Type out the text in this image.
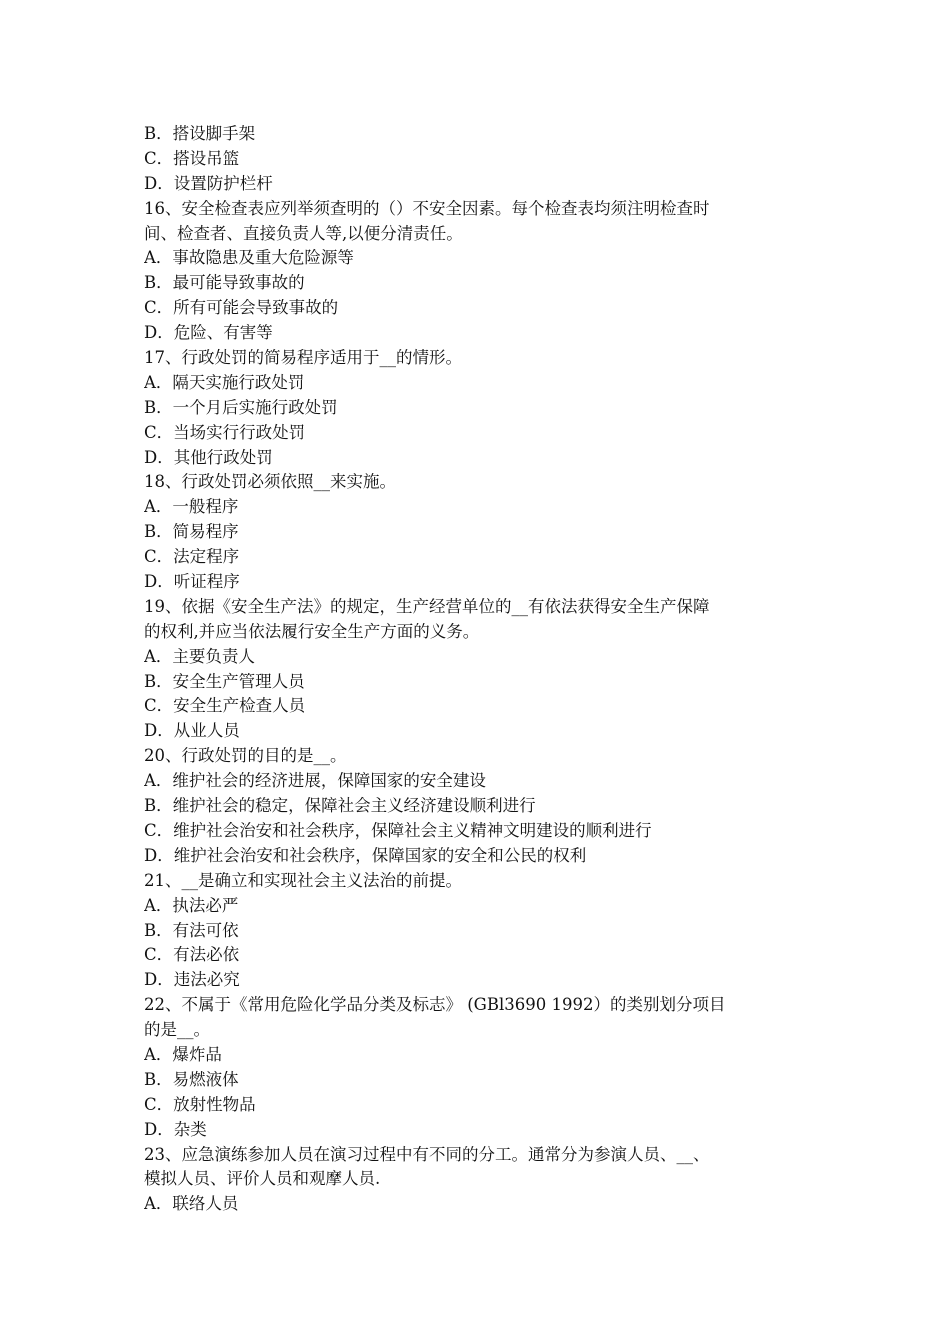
B．搭设脚手架
C．搭设吊篮
D．设置防护栏杆
16、安全检查表应列举须查明的（）不安全因素。每个检查表均须注明检查时
间、检查者、直接负责人等,以便分清责任。
A．事故隐患及重大危险源等
B．最可能导致事故的
C．所有可能会导致事故的
D．危险、有害等
17、行政处罚的简易程序适用于__的情形。
A．隔天实施行政处罚
B．一个月后实施行政处罚
C．当场实行行政处罚
D．其他行政处罚
18、行政处罚必须依照__来实施。
A．一般程序
B．简易程序
C．法定程序
D．听证程序
19、依据《安全生产法》的规定，生产经营单位的__有依法获得安全生产保障
的权利,并应当依法履行安全生产方面的义务。
A．主要负责人
B．安全生产管理人员
C．安全生产检查人员
D．从业人员
20、行政处罚的目的是__。
A．维护社会的经济进展，保障国家的安全建设
B．维护社会的稳定，保障社会主义经济建设顺利进行
C．维护社会治安和社会秩序，保障社会主义精神文明建设的顺利进行
D．维护社会治安和社会秩序，保障国家的安全和公民的权利
21、__是确立和实现社会主义法治的前提。
A．执法必严
B．有法可依
C．有法必依
D．违法必究
22、不属于《常用危险化学品分类及标志》 (GBl3690 1992）的类别划分项目
的是__。
A．爆炸品
B．易燃液体
C．放射性物品
D．杂类
23、应急演练参加人员在演习过程中有不同的分工。通常分为参演人员、__、
模拟人员、评价人员和观摩人员.
A．联络人员
